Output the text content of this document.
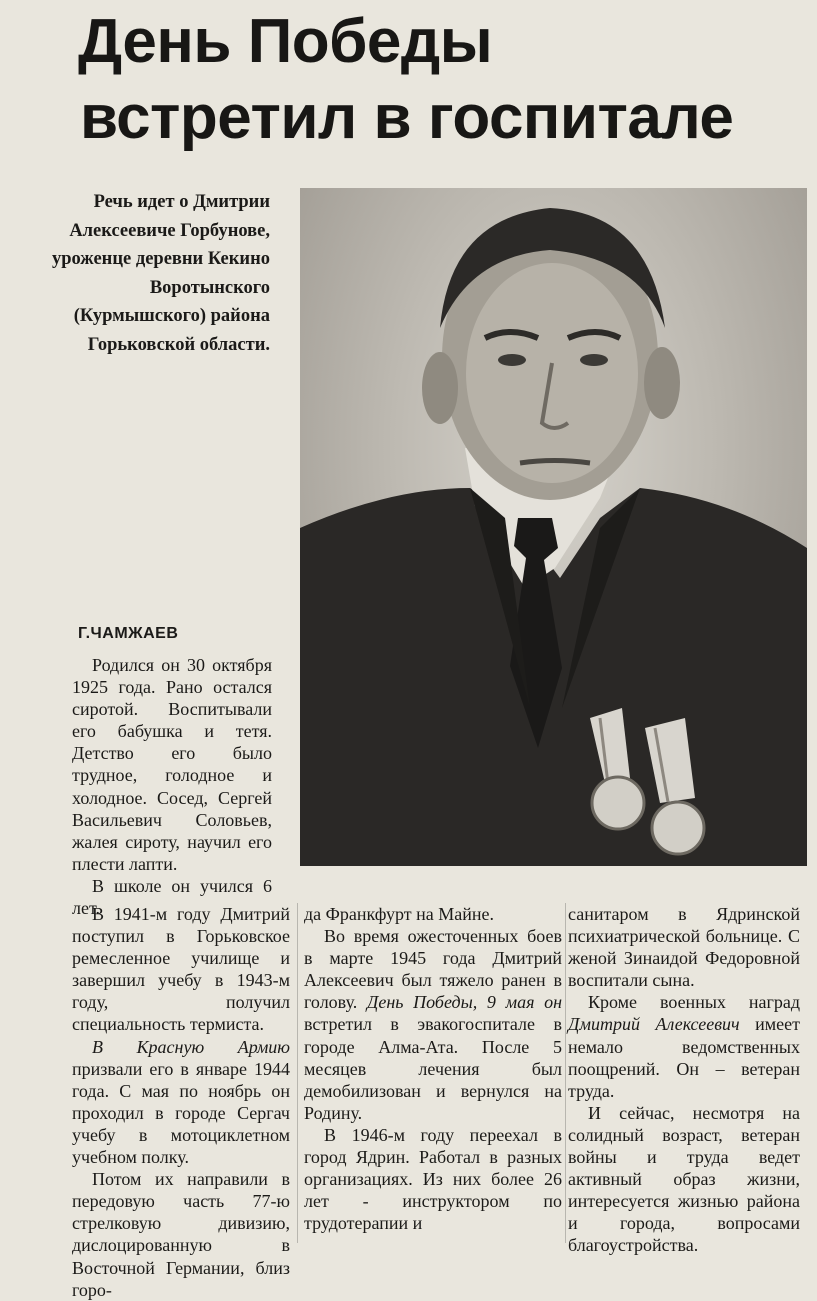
День Победы
встретил в госпитале
Речь идет о Дмитрии Алексеевиче Горбунове, уроженце деревни Кекино Воротынского (Курмышского) района Горьковской области.
Г.ЧАМЖАЕВ

Родился он 30 октября 1925 года. Рано остался сиротой. Воспитывали его бабушка и тетя. Детство его было трудное, голодное и холодное. Сосед, Сергей Васильевич Соловьев, жалея сироту, научил его плести лапти.

В школе он учился 6 лет.

В 1941-м году Дмитрий поступил в Горьковское ремесленное училище и завершил учебу в 1943-м году, получил специальность термиста.

В Красную Армию призвали его в январе 1944 года. С мая по ноябрь он проходил в городе Сергач учебу в мотоциклетном учебном полку.

Потом их направили в передовую часть 77-ю стрелковую дивизию, дислоцированную в Восточной Германии, близ горо-

да Франкфурт на Майне.

Во время ожесточенных боев в марте 1945 года Дмитрий Алексеевич был тяжело ранен в голову. День Победы, 9 мая он встретил в эвакогоспитале в городе Алма-Ата. После 5 месяцев лечения был демобилизован и вернулся на Родину.

В 1946-м году переехал в город Ядрин. Работал в разных организациях. Из них более 26 лет - инструктором по трудотерапии и

санитаром в Ядринской психиатрической больнице. С женой Зинаидой Федоровной воспитали сына.

Кроме военных наград Дмитрий Алексеевич имеет немало ведомственных поощрений. Он – ветеран труда.

И сейчас, несмотря на солидный возраст, ветеран войны и труда ведет активный образ жизни, интересуется жизнью района и города, вопросами благоустройства.
